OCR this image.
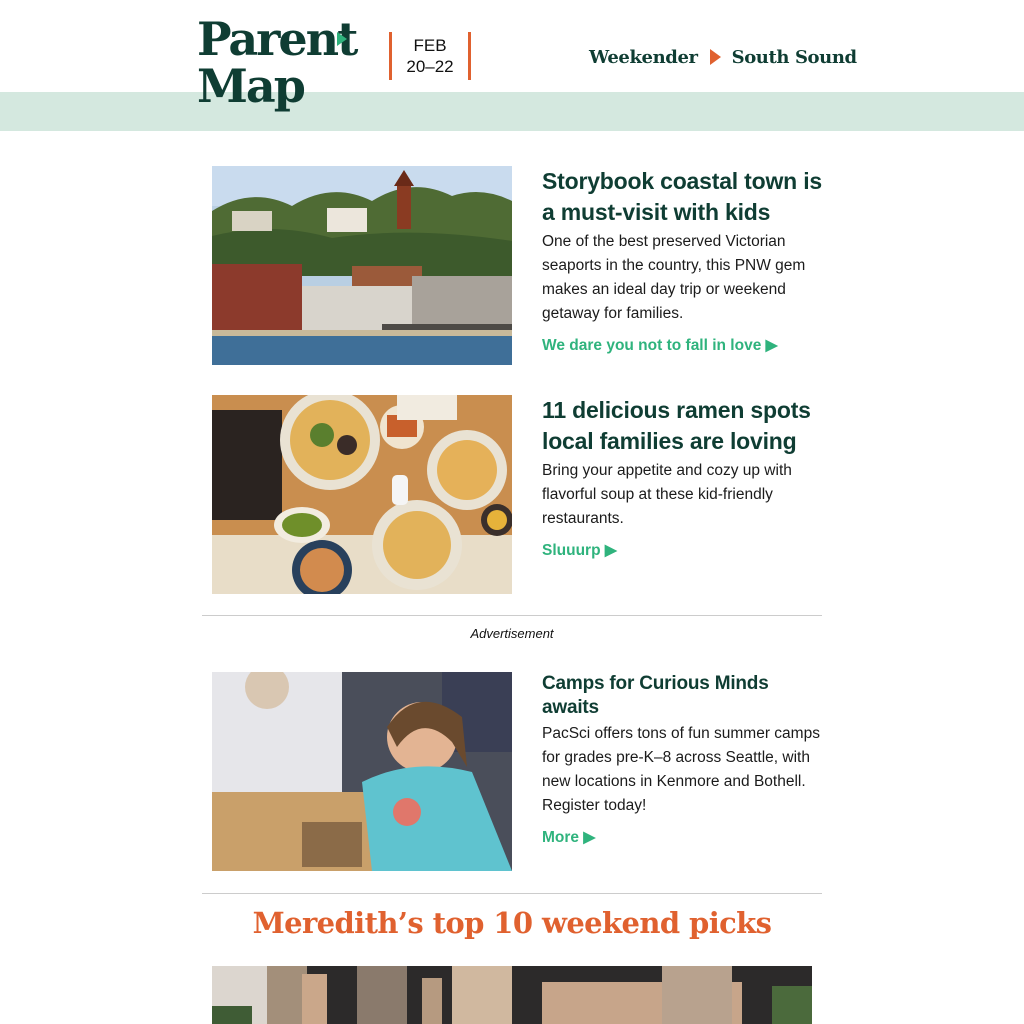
Parent
Map
FEB
20–22	Weekender South Sound
Storybook coastal town is a must-visit with kids

One of the best preserved Victorian seaports in the country, this PNW gem makes an ideal day trip or weekend getaway for families.

We dare you not to fall in love ▶
11 delicious ramen spots local families are loving

Bring your appetite and cozy up with flavorful soup at these kid-friendly restaurants.

Sluuurp ▶
Advertisement
Camps for Curious Minds awaits

PacSci offers tons of fun summer camps for grades pre-K–8 across Seattle, with new locations in Kenmore and Bothell. Register today!

More ▶
Meredith’s top 10 weekend picks
